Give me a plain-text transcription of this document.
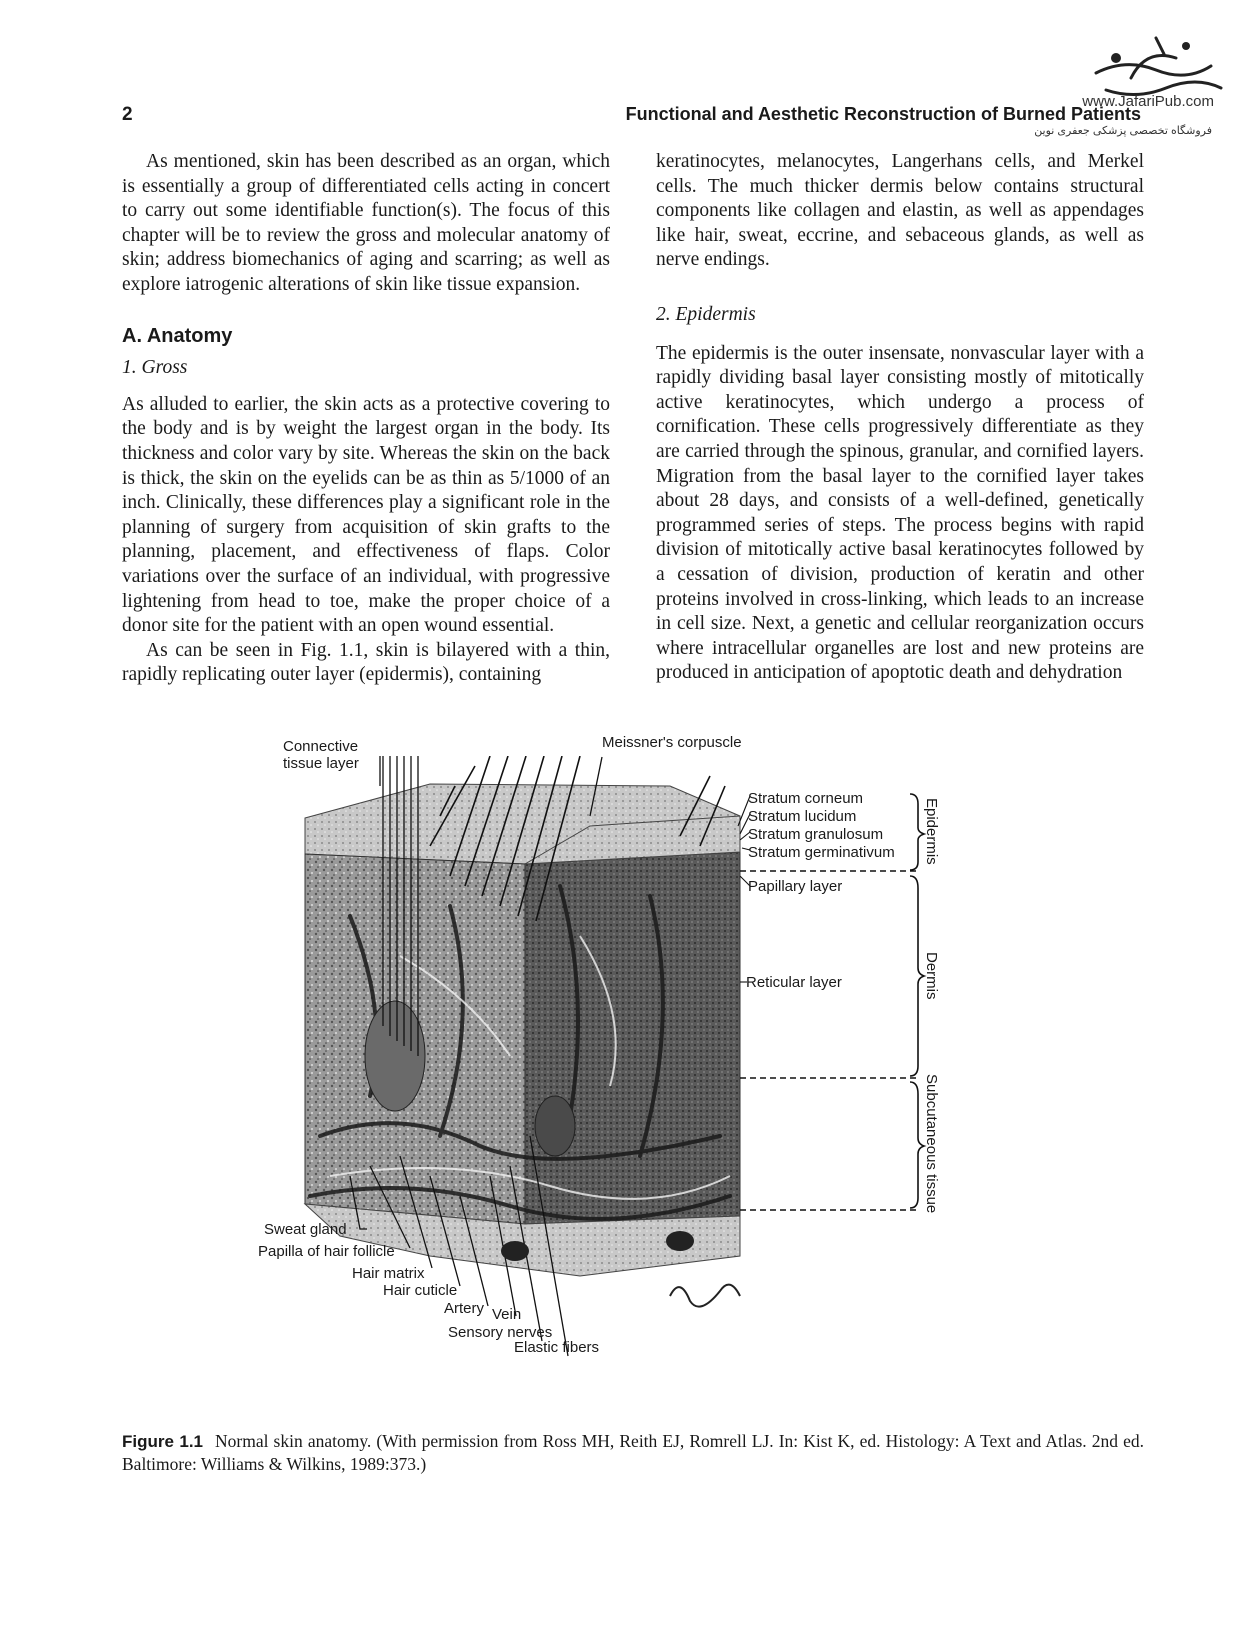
2	Functional and Aesthetic Reconstruction of Burned Patients
www.JafariPub.com
فروشگاه تخصصی پزشکی جعفری نوین

As mentioned, skin has been described as an organ, which is essentially a group of differentiated cells acting in concert to carry out some identifiable function(s). The focus of this chapter will be to review the gross and molecular anatomy of skin; address biomechanics of aging and scarring; as well as explore iatrogenic alterations of skin like tissue expansion.

A. Anatomy

1. Gross

As alluded to earlier, the skin acts as a protective covering to the body and is by weight the largest organ in the body. Its thickness and color vary by site. Whereas the skin on the back is thick, the skin on the eyelids can be as thin as 5/1000 of an inch. Clinically, these differences play a significant role in the planning of surgery from acquisition of skin grafts to the planning, placement, and effectiveness of flaps. Color variations over the surface of an individual, with progressive lightening from head to toe, make the proper choice of a donor site for the patient with an open wound essential.

As can be seen in Fig. 1.1, skin is bilayered with a thin, rapidly replicating outer layer (epidermis), containing

keratinocytes, melanocytes, Langerhans cells, and Merkel cells. The much thicker dermis below contains structural components like collagen and elastin, as well as appendages like hair, sweat, eccrine, and sebaceous glands, as well as nerve endings.

2. Epidermis

The epidermis is the outer insensate, nonvascular layer with a rapidly dividing basal layer consisting mostly of mitotically active keratinocytes, which undergo a process of cornification. These cells progressively differentiate as they are carried through the spinous, granular, and cornified layers. Migration from the basal layer to the cornified layer takes about 28 days, and consists of a well-defined, genetically programmed series of steps. The process begins with rapid division of mitotically active basal keratinocytes followed by a cessation of division, production of keratin and other proteins involved in cross-linking, which leads to an increase in cell size. Next, a genetic and cellular reorganization occurs where intracellular organelles are lost and new proteins are produced in anticipation of apoptotic death and dehydration

Connective
tissue layer
Meissner's corpuscle
Stratum corneum
Stratum lucidum
Stratum granulosum
Stratum germinativum
Papillary layer
Reticular layer
Epidermis
Dermis
Subcutaneous tissue
Sweat gland
Papilla of hair follicle
Hair matrix
Hair cuticle
Artery Vein
Sensory nerves
Elastic fibers
Figure 1.1 Normal skin anatomy. (With permission from Ross MH, Reith EJ, Romrell LJ. In: Kist K, ed. Histology: A Text and Atlas. 2nd ed. Baltimore: Williams & Wilkins, 1989:373.)
